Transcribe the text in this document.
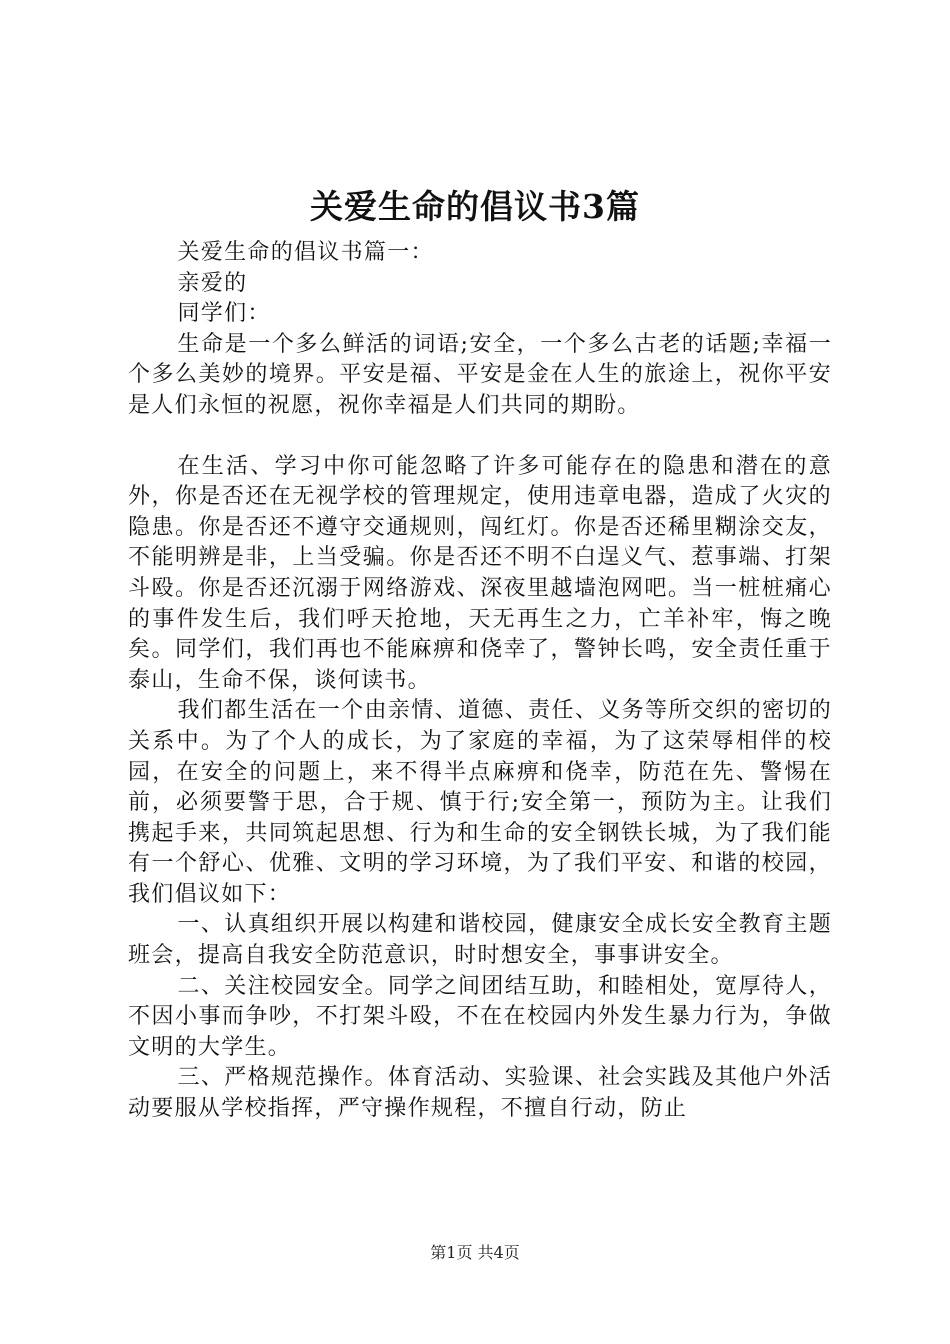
关爱生命的倡议书3篇

关爱生命的倡议书篇一：

亲爱的

同学们：

生命是一个多么鲜活的词语;安全，一个多么古老的话题;幸福一个多么美妙的境界。平安是福、平安是金在人生的旅途上，祝你平安是人们永恒的祝愿，祝你幸福是人们共同的期盼。

在生活、学习中你可能忽略了许多可能存在的隐患和潜在的意外，你是否还在无视学校的管理规定，使用违章电器，造成了火灾的隐患。你是否还不遵守交通规则，闯红灯。你是否还稀里糊涂交友，不能明辨是非，上当受骗。你是否还不明不白逞义气、惹事端、打架斗殴。你是否还沉溺于网络游戏、深夜里越墙泡网吧。当一桩桩痛心的事件发生后，我们呼天抢地，天无再生之力，亡羊补牢，悔之晚矣。同学们，我们再也不能麻痹和侥幸了，警钟长鸣，安全责任重于泰山，生命不保，谈何读书。

我们都生活在一个由亲情、道德、责任、义务等所交织的密切的关系中。为了个人的成长，为了家庭的幸福，为了这荣辱相伴的校园，在安全的问题上，来不得半点麻痹和侥幸，防范在先、警惕在前，必须要警于思，合于规、慎于行;安全第一，预防为主。让我们携起手来，共同筑起思想、行为和生命的安全钢铁长城，为了我们能有一个舒心、优雅、文明的学习环境，为了我们平安、和谐的校园，我们倡议如下：

一、认真组织开展以构建和谐校园，健康安全成长安全教育主题班会，提高自我安全防范意识，时时想安全，事事讲安全。

二、关注校园安全。同学之间团结互助，和睦相处，宽厚待人，不因小事而争吵，不打架斗殴，不在在校园内外发生暴力行为，争做文明的大学生。

三、严格规范操作。体育活动、实验课、社会实践及其他户外活动要服从学校指挥，严守操作规程，不擅自行动，防止

第1页 共4页
